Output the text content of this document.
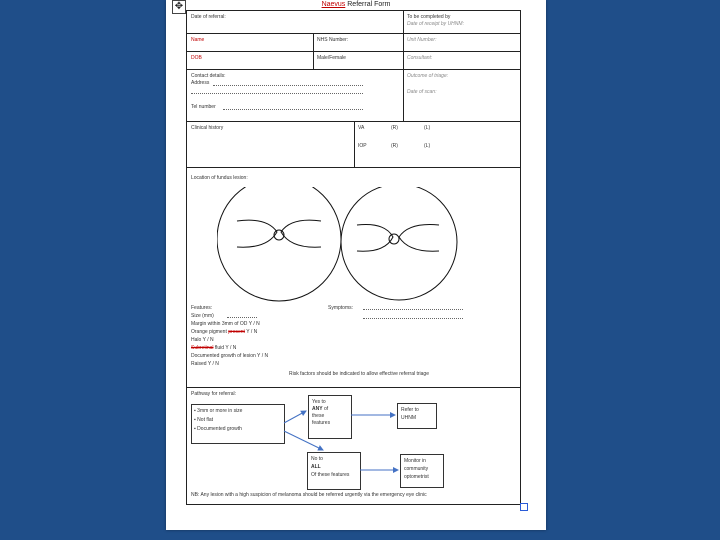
✥	Naevus Referral Form
Date of referral:	To be completed by
Date of receipt by UHNM:
Name	NHS Number:	Unit Number:
DOB	Male/Female	Consultant:
Contact details:
Address
Tel number
Outcome of triage:
Date of scan:
Clinical history	VA	(R)	(L)
IOP	(R)	(L)
Location of fundus lesion:
Features:
Size (mm)
Margin within 3mm of OD Y / N
Orange pigment present Y / N
Halo Y / N
Subretinal fluid Y / N
Documented growth of lesion Y / N
Raised Y / N
Symptoms:
Risk factors should be indicated to allow effective referral triage
Pathway for referral:
▪ 3mm or more in size
▪ Not flat
▪ Documented growth
Yes to
ANY of
these
features
Refer to
UHNM
No to
ALL
Of these features
Monitor in
community
optometrist
NB: Any lesion with a high suspicion of melanoma should be referred urgently via the emergency eye clinic
